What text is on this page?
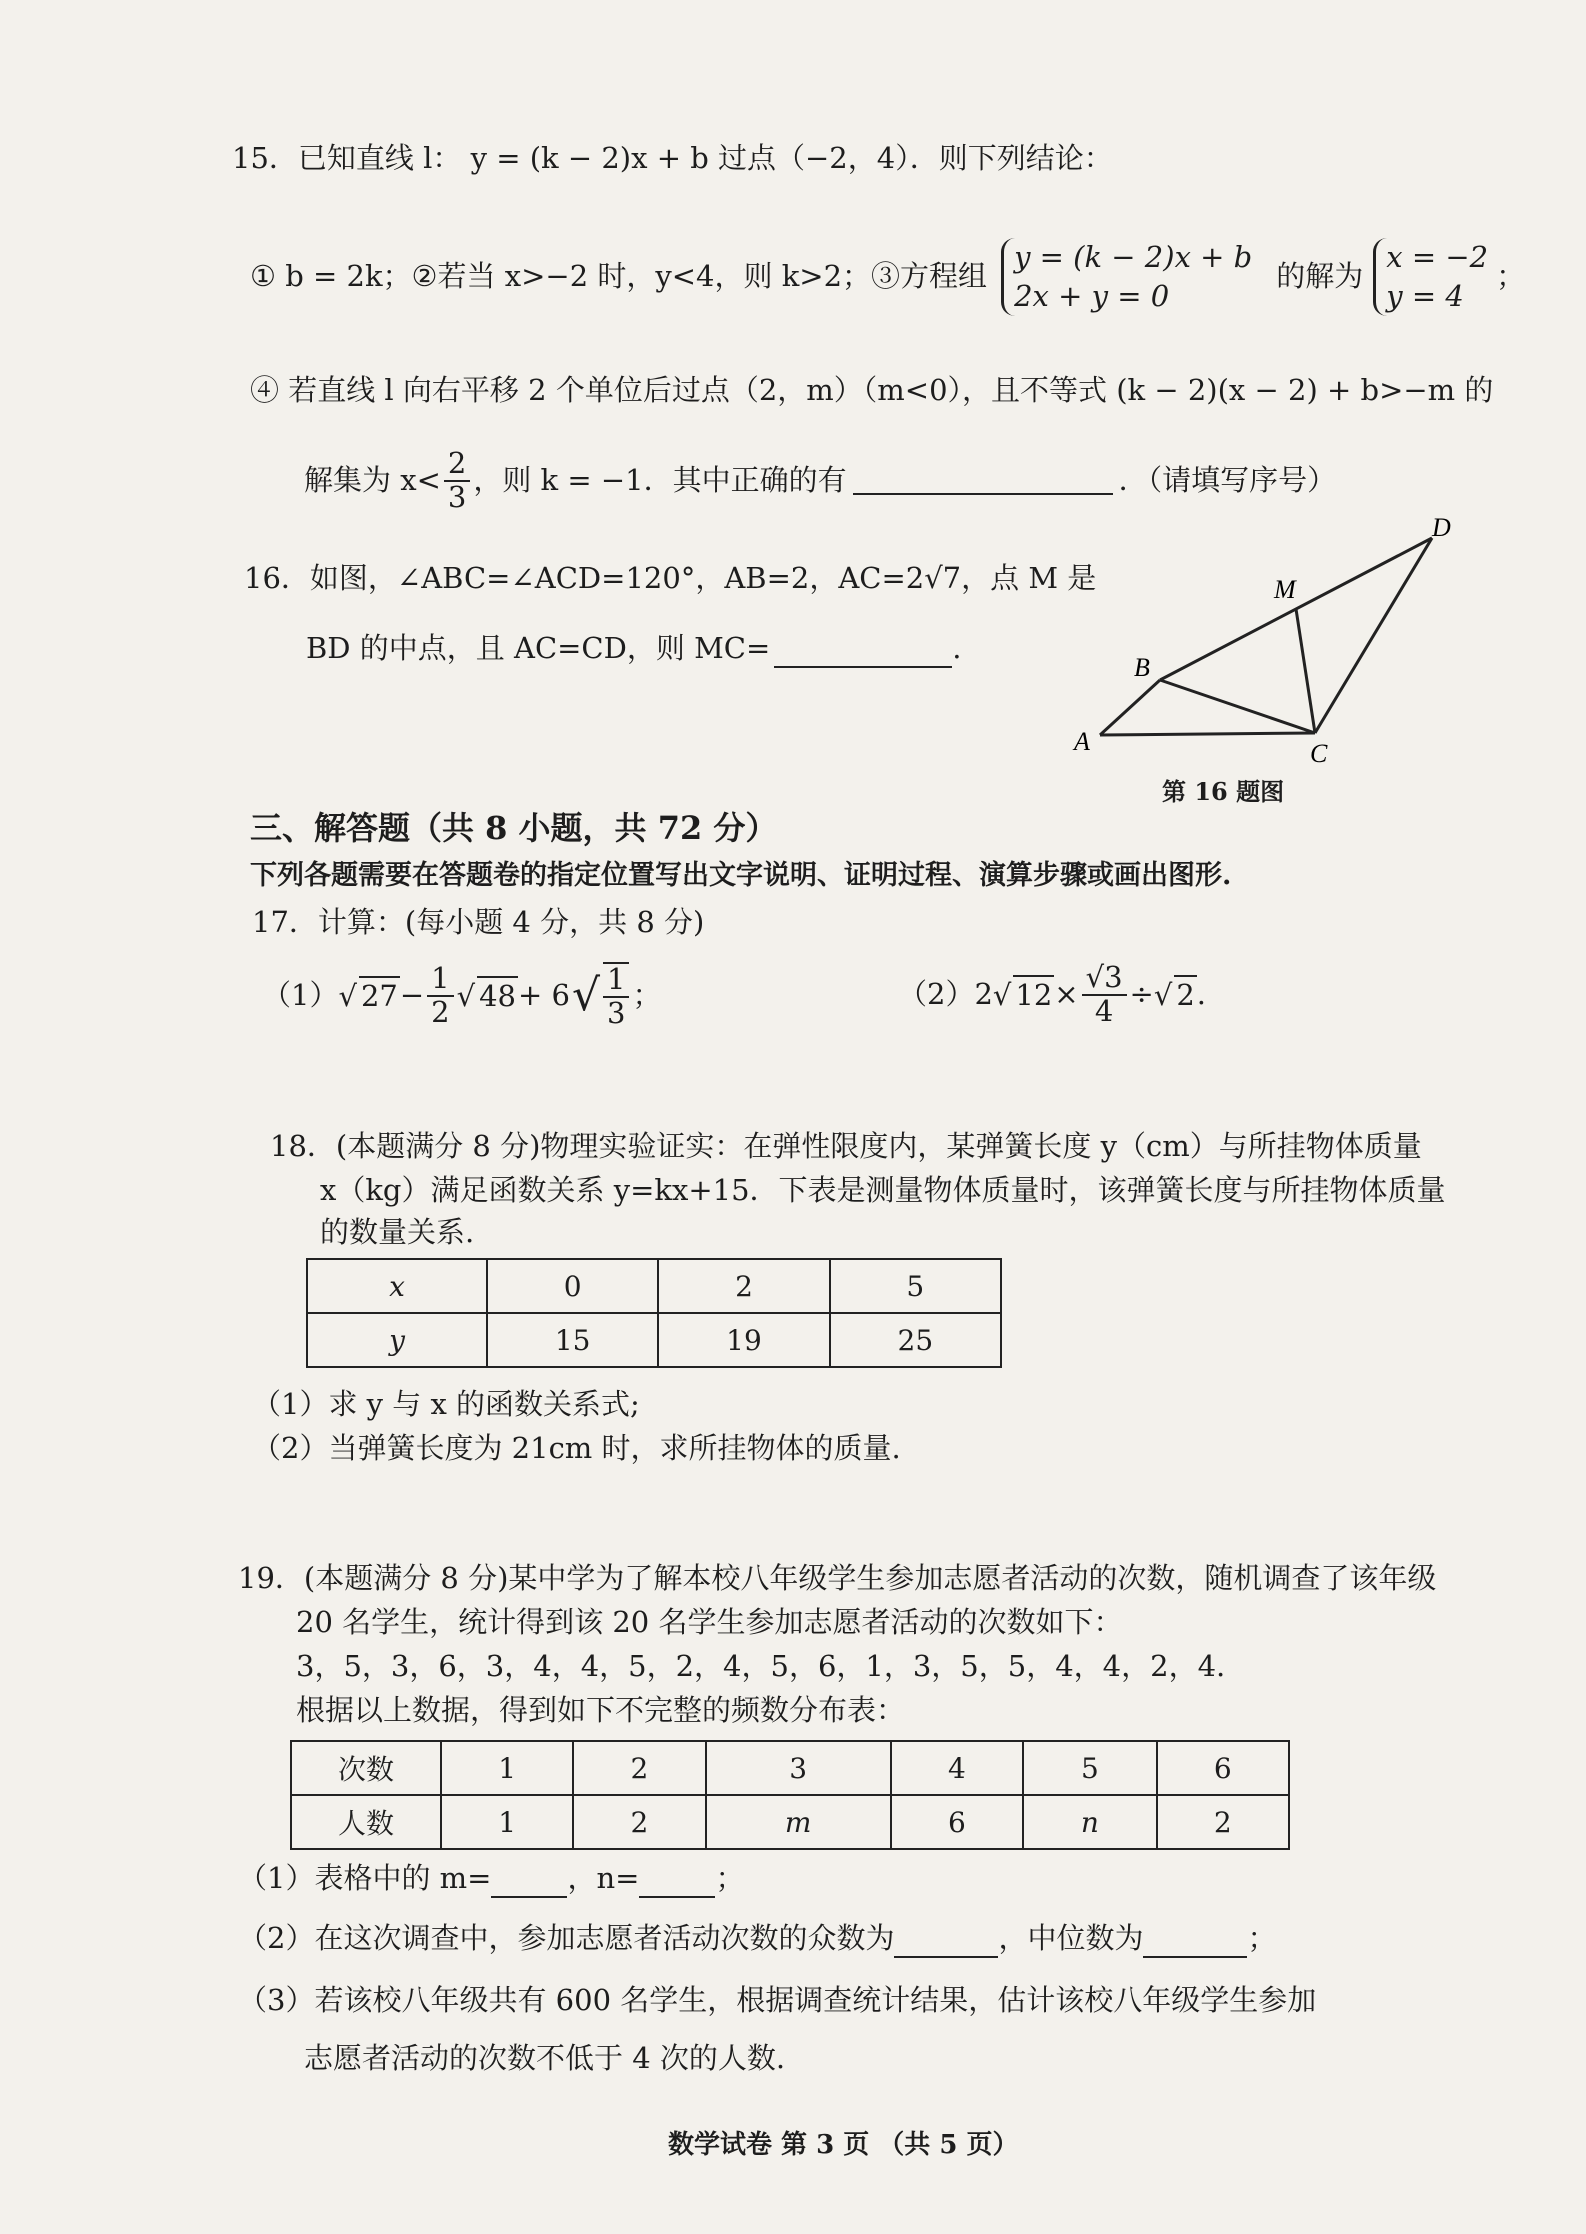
15．已知直线 l： y = (k − 2)x + b 过点（−2，4）．则下列结论：
① b = 2k；②若当 x>−2 时，y<4，则 k>2；③方程组
y = (k − 2)x + b
2x + y = 0
的解为
x = −2
y = 4
；
④ 若直线 l 向右平移 2 个单位后过点（2，m）（m<0），且不等式 (k − 2)(x − 2) + b>−m 的
解集为 $x< \frac{2}{3}$ ，则 k = −1．其中正确的有	．（请填写序号）
16．如图，∠ABC=∠ACD=120°，AB=2，AC=2√7，点 M 是
BD 的中点，且 AC=CD，则 MC=	.
A
B
C
D
M
第 16 题图
三、解答题（共 8 小题，共 72 分）
下列各题需要在答题卷的指定位置写出文字说明、证明过程、演算步骤或画出图形.
17．计算：(每小题 4 分，共 8 分)
（1） √ $27 - \frac{1}{2}$ √ 48 + 6 √ $\frac{1}{3}$ ；	（2） 2 √ $12 \times \frac{√3}{4}$ ÷ √ 2 .
18．(本题满分 8 分)物理实验证实：在弹性限度内，某弹簧长度 y（cm）与所挂物体质量
x（kg）满足函数关系 y=kx+15．下表是测量物体质量时，该弹簧长度与所挂物体质量
的数量关系.
x	0	2	5
y	15	19	25
（1）求 y 与 x 的函数关系式;
（2）当弹簧长度为 21cm 时，求所挂物体的质量.
19．(本题满分 8 分)某中学为了解本校八年级学生参加志愿者活动的次数，随机调查了该年级
20 名学生，统计得到该 20 名学生参加志愿者活动的次数如下：
3，5，3，6，3，4，4，5，2，4，5，6，1，3，5，5，4，4，2，4.
根据以上数据，得到如下不完整的频数分布表：
次数	1	2	3	4	5	6
人数	1	2	m	6	n	2
（1）表格中的 m=	，n=	；
（2）在这次调查中，参加志愿者活动次数的众数为	，中位数为	；
（3）若该校八年级共有 600 名学生，根据调查统计结果，估计该校八年级学生参加
志愿者活动的次数不低于 4 次的人数.
数学试卷 第 3 页 （共 5 页）
